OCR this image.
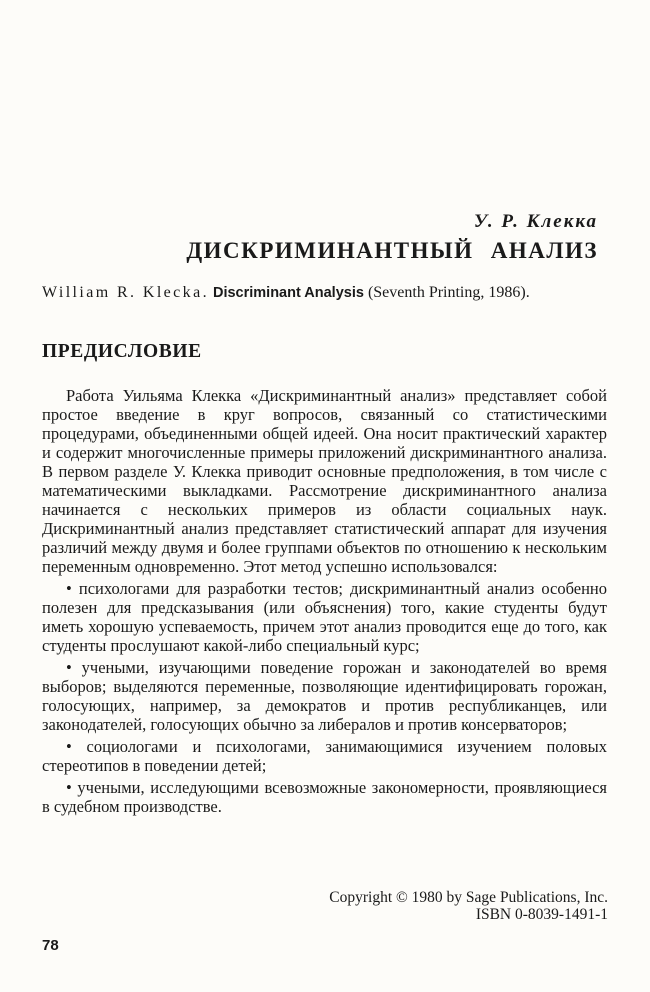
У. Р. Клекка
ДИСКРИМИНАНТНЫЙ АНАЛИЗ
William R. Klecka. Discriminant Analysis (Seventh Printing, 1986).
ПРЕДИСЛОВИЕ

Работа Уильяма Клекка «Дискриминантный анализ» представляет собой простое введение в круг вопросов, связанный со статистическими процедурами, объединенными общей идеей. Она носит практический характер и содержит многочисленные примеры приложений дискриминантного анализа. В первом разделе У. Клекка приводит основные предположения, в том числе с математическими выкладками. Рассмотрение дискриминантного анализа начинается с нескольких примеров из области социальных наук. Дискриминантный анализ представляет статистический аппарат для изучения различий между двумя и более группами объектов по отношению к нескольким переменным одновременно. Этот метод успешно использовался:

• психологами для разработки тестов; дискриминантный анализ особенно полезен для предсказывания (или объяснения) того, какие студенты будут иметь хорошую успеваемость, причем этот анализ проводится еще до того, как студенты прослушают какой-либо специальный курс;

• учеными, изучающими поведение горожан и законодателей во время выборов; выделяются переменные, позволяющие идентифицировать горожан, голосующих, например, за демократов и против республиканцев, или законодателей, голосующих обычно за либералов и против консерваторов;

• социологами и психологами, занимающимися изучением половых стереотипов в поведении детей;

• учеными, исследующими всевозможные закономерности, проявляющиеся в судебном производстве.

Copyright © 1980 by Sage Publications, Inc.
ISBN 0-8039-1491-1
78
